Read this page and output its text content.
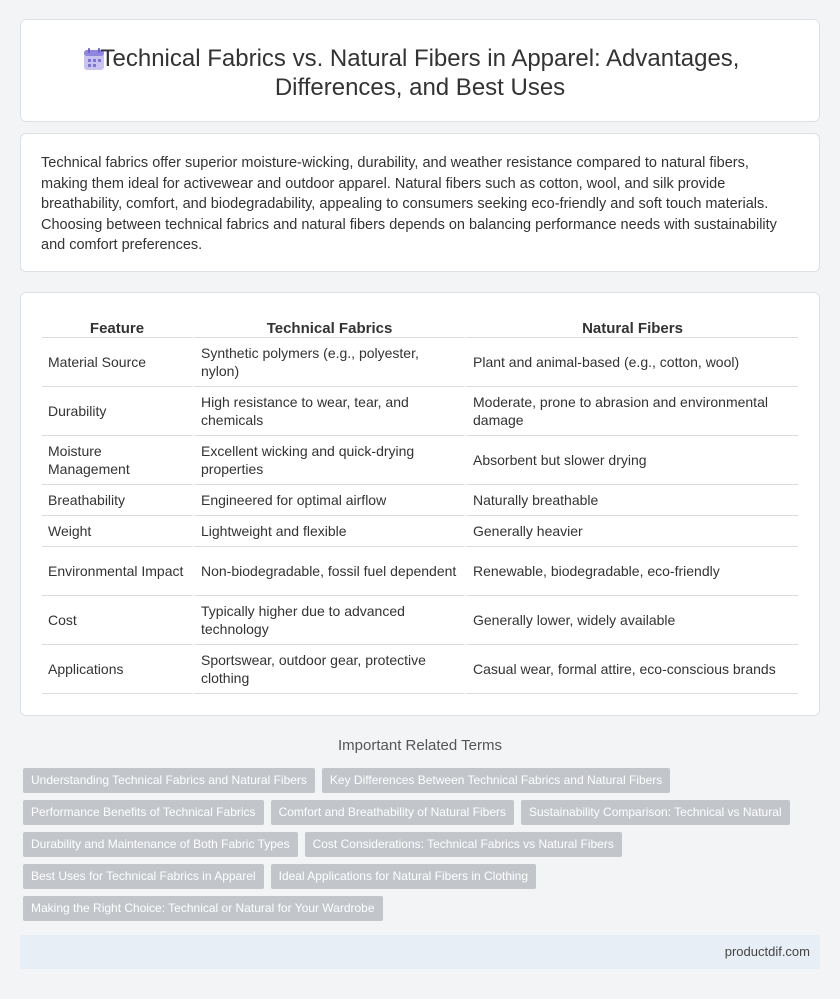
Technical Fabrics vs. Natural Fibers in Apparel: Advantages, Differences, and Best Uses

Technical fabrics offer superior moisture-wicking, durability, and weather resistance compared to natural fibers, making them ideal for activewear and outdoor apparel. Natural fibers such as cotton, wool, and silk provide breathability, comfort, and biodegradability, appealing to consumers seeking eco-friendly and soft touch materials. Choosing between technical fabrics and natural fibers depends on balancing performance needs with sustainability and comfort preferences.

Feature	Technical Fabrics	Natural Fibers
Material Source	Synthetic polymers (e.g., polyester, nylon)	Plant and animal-based (e.g., cotton, wool)
Durability	High resistance to wear, tear, and chemicals	Moderate, prone to abrasion and environmental damage
Moisture Management	Excellent wicking and quick-drying properties	Absorbent but slower drying
Breathability	Engineered for optimal airflow	Naturally breathable
Weight	Lightweight and flexible	Generally heavier
Environmental Impact	Non-biodegradable, fossil fuel dependent	Renewable, biodegradable, eco-friendly
Cost	Typically higher due to advanced technology	Generally lower, widely available
Applications	Sportswear, outdoor gear, protective clothing	Casual wear, formal attire, eco-conscious brands
Important Related Terms
Understanding Technical Fabrics and Natural Fibers	Key Differences Between Technical Fabrics and Natural Fibers
Performance Benefits of Technical Fabrics	Comfort and Breathability of Natural Fibers	Sustainability Comparison: Technical vs Natural
Durability and Maintenance of Both Fabric Types	Cost Considerations: Technical Fabrics vs Natural Fibers
Best Uses for Technical Fabrics in Apparel	Ideal Applications for Natural Fibers in Clothing
Making the Right Choice: Technical or Natural for Your Wardrobe
productdif.com
